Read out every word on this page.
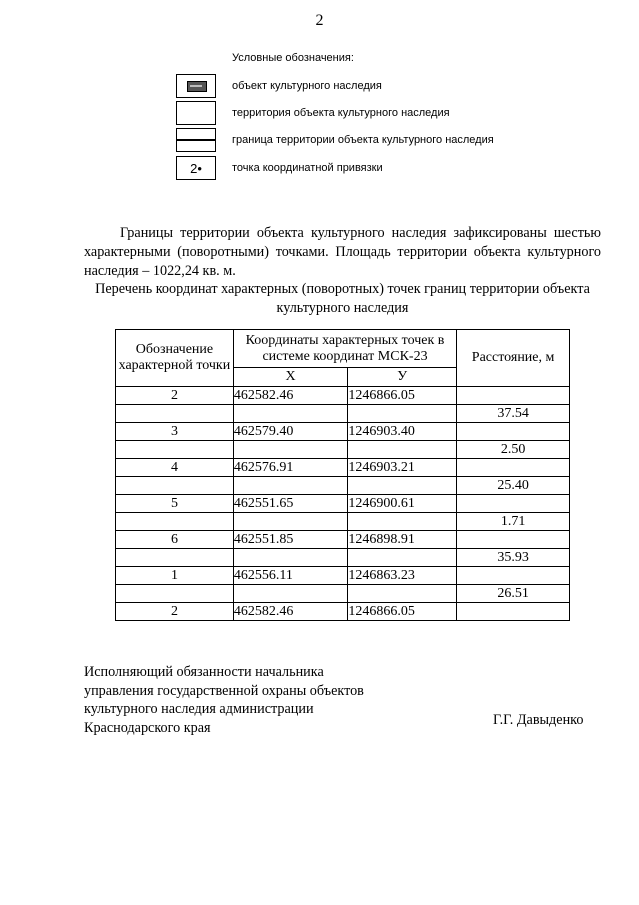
2
Условные обозначения:
объект культурного наследия
территория объекта культурного наследия
граница территории объекта культурного наследия
2•	точка координатной привязки
Границы территории объекта культурного наследия зафиксированы шестью характерными (поворотными) точками. Площадь территории объекта культурного наследия – 1022,24 кв. м.
Перечень координат характерных (поворотных) точек границ территории объекта культурного наследия
Обозначение характерной точки	Координаты характерных точек в системе координат МСК-23		Расстояние, м
	X	У	
2	462582.46	1246866.05	
			37.54
3	462579.40	1246903.40	
			2.50
4	462576.91	1246903.21	
			25.40
5	462551.65	1246900.61	
			1.71
6	462551.85	1246898.91	
			35.93
1	462556.11	1246863.23	
			26.51
2	462582.46	1246866.05	
Исполняющий обязанности начальника
управления государственной охраны объектов
культурного наследия администрации
Краснодарского края	Г.Г. Давыденко
